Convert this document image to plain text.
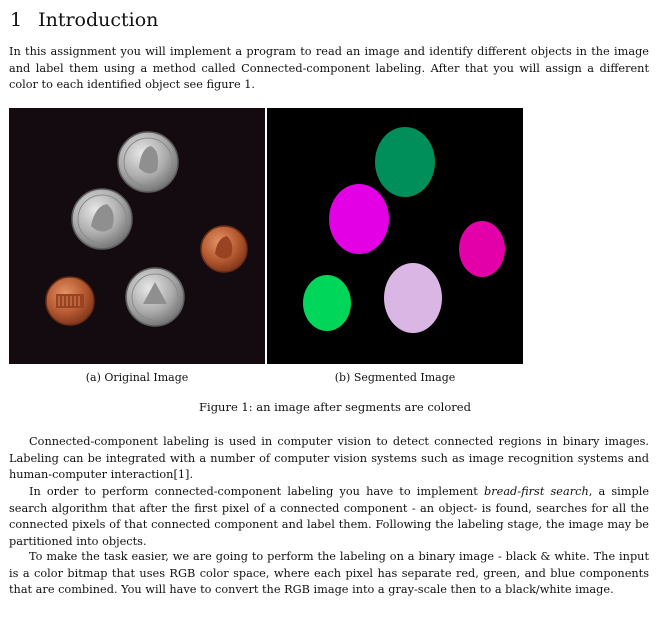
1 Introduction

In this assignment you will implement a program to read an image and identify different objects in the image and label them using a method called Connected-component labeling. After that you will assign a different color to each identified object see figure 1.

(a) Original Image	(b) Segmented Image
Figure 1: an image after segments are colored

Connected-component labeling is used in computer vision to detect connected regions in binary images. Labeling can be integrated with a number of computer vision systems such as image recognition systems and human-computer interaction[1].

In order to perform connected-component labeling you have to implement bread-first search, a simple search algorithm that after the first pixel of a connected component - an object- is found, searches for all the connected pixels of that connected component and label them. Following the labeling stage, the image may be partitioned into objects.

To make the task easier, we are going to perform the labeling on a binary image - black & white. The input is a color bitmap that uses RGB color space, where each pixel has separate red, green, and blue components that are combined. You will have to convert the RGB image into a gray-scale then to a black/white image.
